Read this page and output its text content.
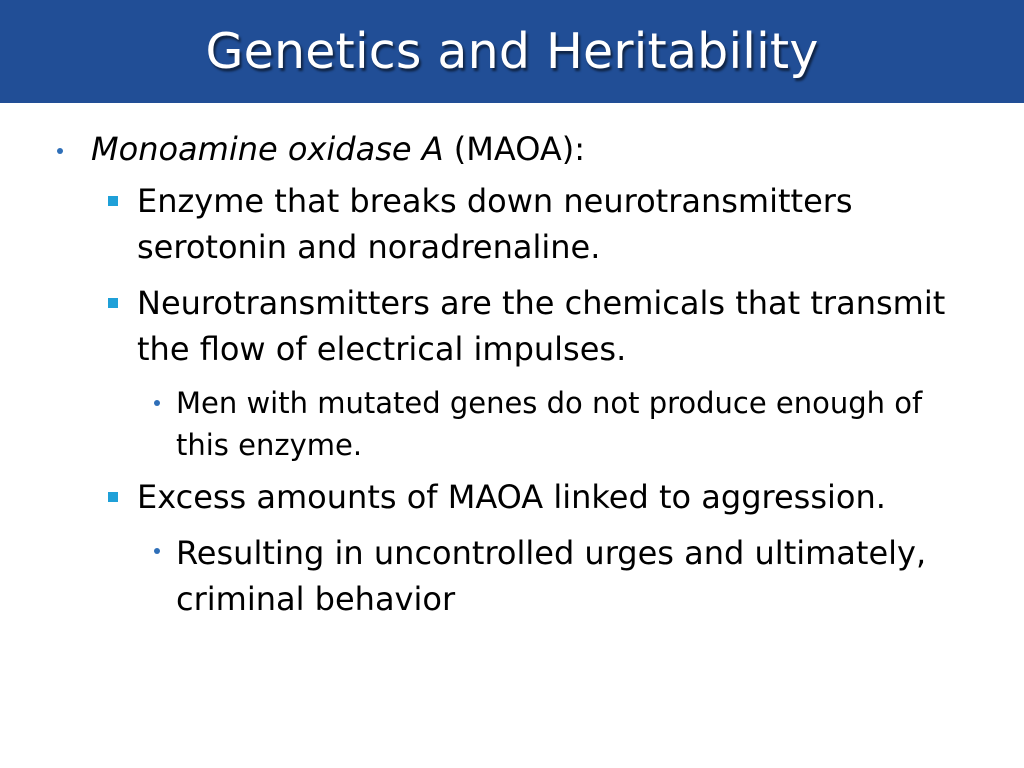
Genetics and Heritability
Monoamine oxidase A (MAOA):
Enzyme that breaks down neurotransmitters serotonin and noradrenaline.
Neurotransmitters are the chemicals that transmit the flow of electrical impulses.
Men with mutated genes do not produce enough of this enzyme.
Excess amounts of MAOA linked to aggression.
Resulting in uncontrolled urges and ultimately, criminal behavior
